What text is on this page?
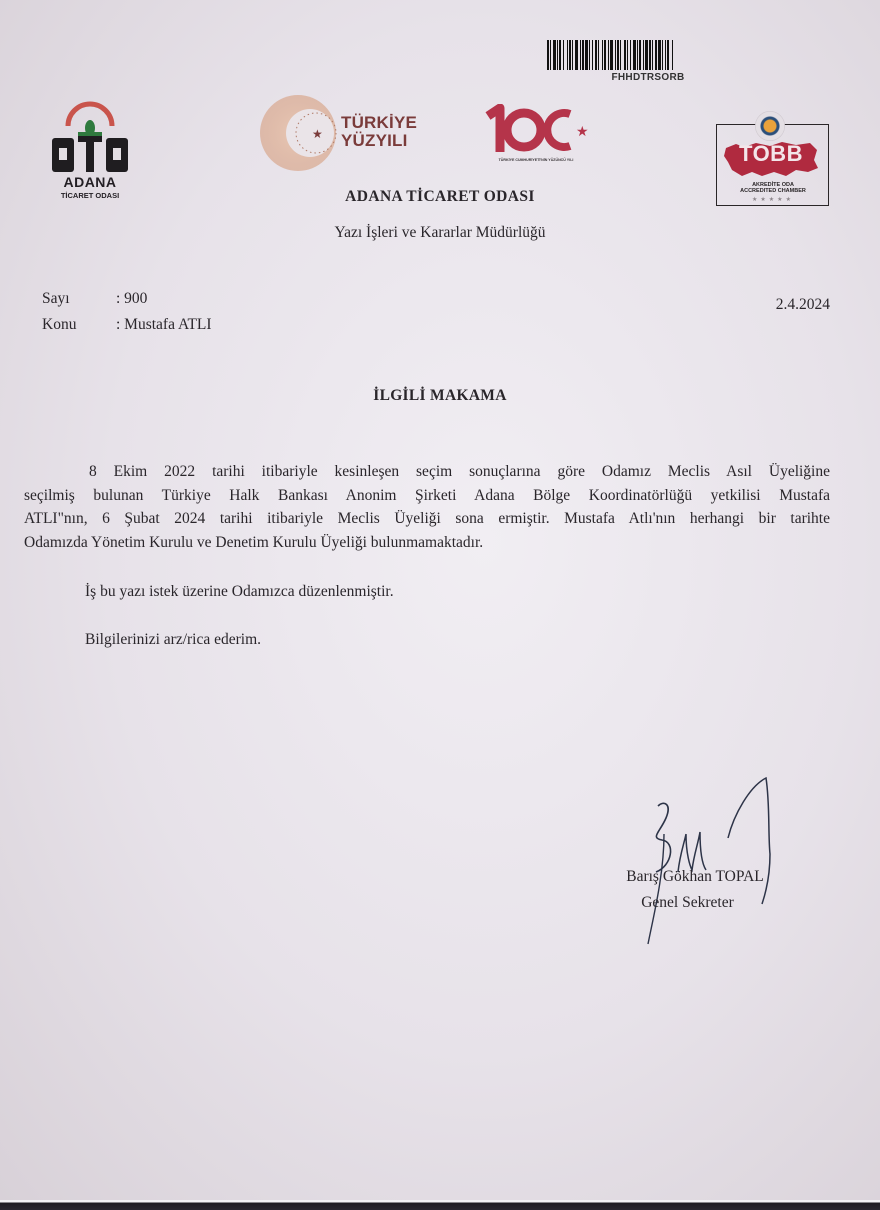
FHHDTRSORB
ADANA
TİCARET ODASI
★
TÜRKİYE
YÜZYILI	★
TÜRKİYE CUMHURİYETİ'NİN YÜZÜNCÜ YILI	TOBB
AKREDİTE ODA
ACCREDITED CHAMBER
★★★★★
ADANA TİCARET ODASI
Yazı İşleri ve Kararlar Müdürlüğü
Sayı	: 900
Konu	: Mustafa ATLI
2.4.2024
İLGİLİ MAKAMA
8 Ekim 2022 tarihi itibariyle kesinleşen seçim sonuçlarına göre Odamız Meclis Asıl Üyeliğine
seçilmiş bulunan Türkiye Halk Bankası Anonim Şirketi Adana Bölge Koordinatörlüğü yetkilisi Mustafa
ATLI"nın, 6 Şubat 2024 tarihi itibariyle Meclis Üyeliği sona ermiştir. Mustafa Atlı'nın herhangi bir tarihte
Odamızda Yönetim Kurulu ve Denetim Kurulu Üyeliği bulunmamaktadır.
İş bu yazı istek üzerine Odamızca düzenlenmiştir.
Bilgilerinizi arz/rica ederim.
Barış Gökhan TOPAL
Genel Sekreter
